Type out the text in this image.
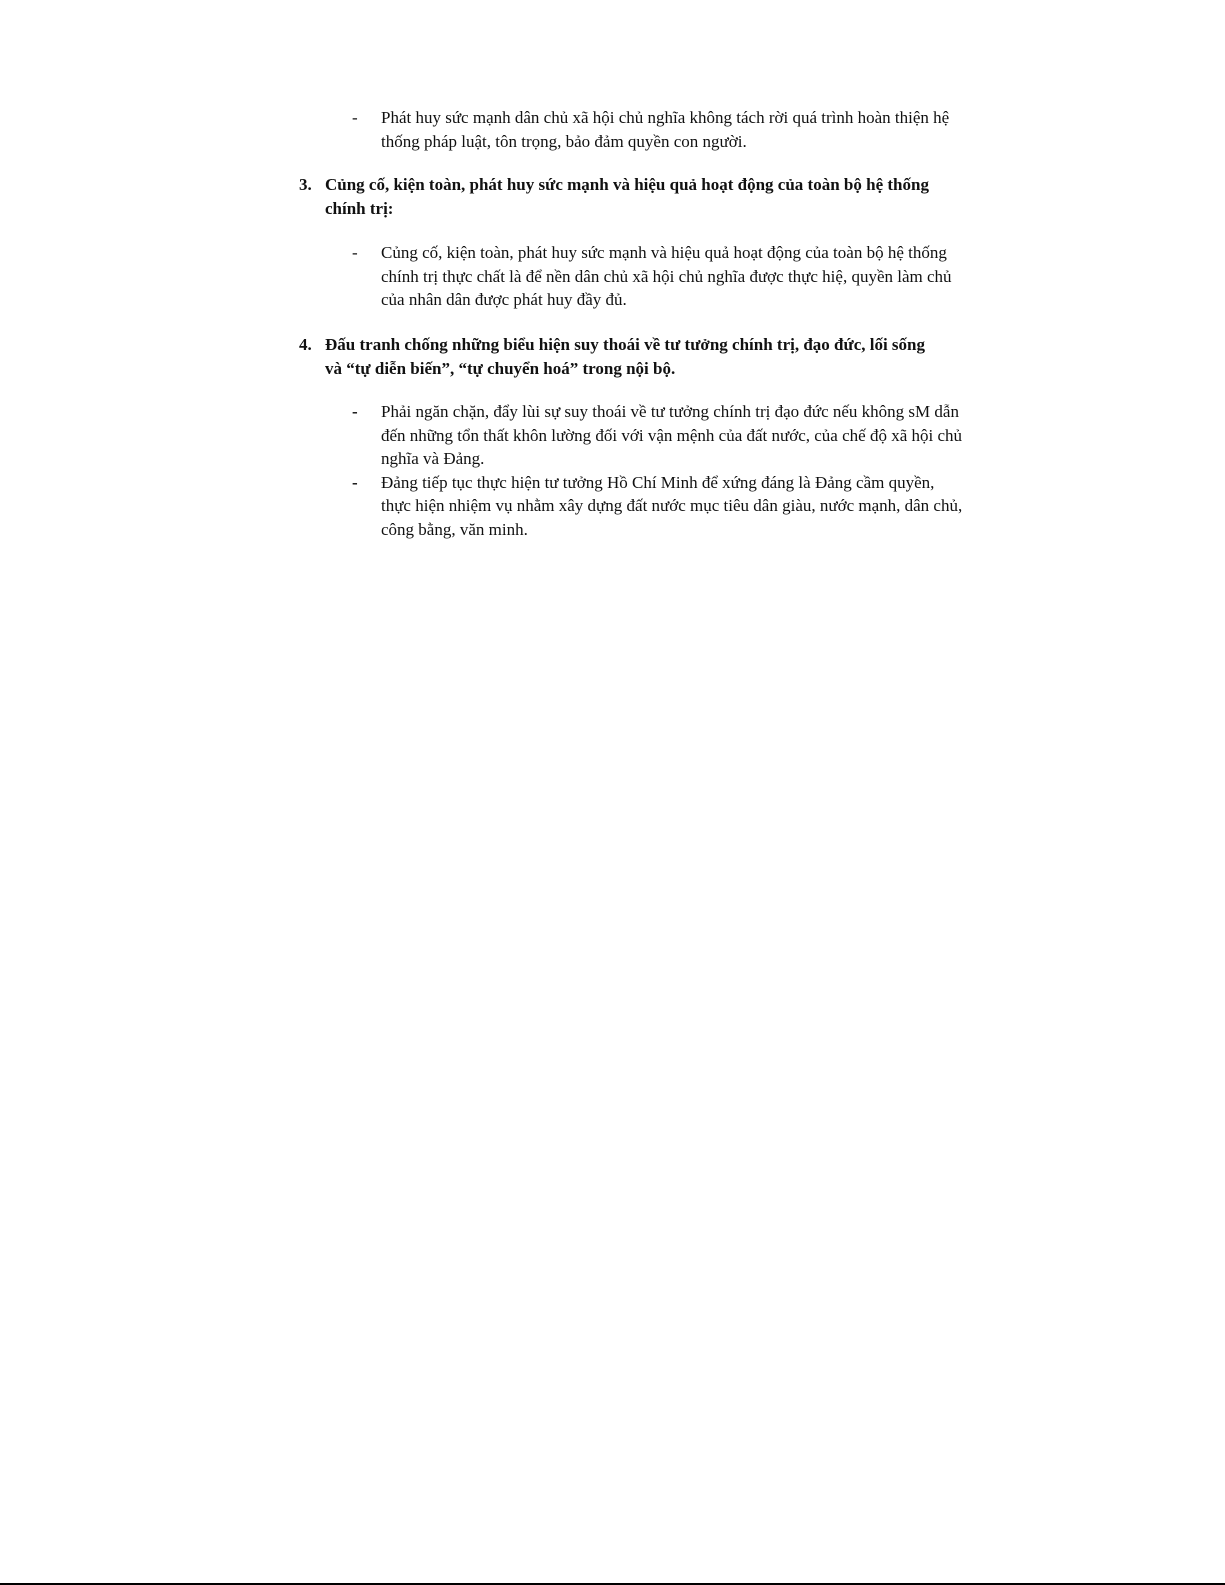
-	Phát huy sức mạnh dân chủ xã hội chủ nghĩa không tách rời quá trình hoàn thiện hệ thống pháp luật, tôn trọng, bảo đảm quyền con người.
3. Củng cố, kiện toàn, phát huy sức mạnh và hiệu quả hoạt động của toàn bộ hệ thống chính trị:
-	Củng cố, kiện toàn, phát huy sức mạnh và hiệu quả hoạt động của toàn bộ hệ thống chính trị thực chất là để nền dân chủ xã hội chủ nghĩa được thực hiệ, quyền làm chủ của nhân dân được phát huy đầy đủ.
4. Đấu tranh chống những biểu hiện suy thoái về tư tưởng chính trị, đạo đức, lối sống và “tự diễn biến”, “tự chuyển hoá” trong nội bộ.
-	Phải ngăn chặn, đẩy lùi sự suy thoái về tư tưởng chính trị đạo đức nếu không sM dẫn đến những tổn thất khôn lường đối với vận mệnh của đất nước, của chế độ xã hội chủ nghĩa và Đảng.
-	Đảng tiếp tục thực hiện tư tưởng Hồ Chí Minh để xứng đáng là Đảng cầm quyền, thực hiện nhiệm vụ nhằm xây dựng đất nước mục tiêu dân giàu, nước mạnh, dân chủ, công bằng, văn minh.
